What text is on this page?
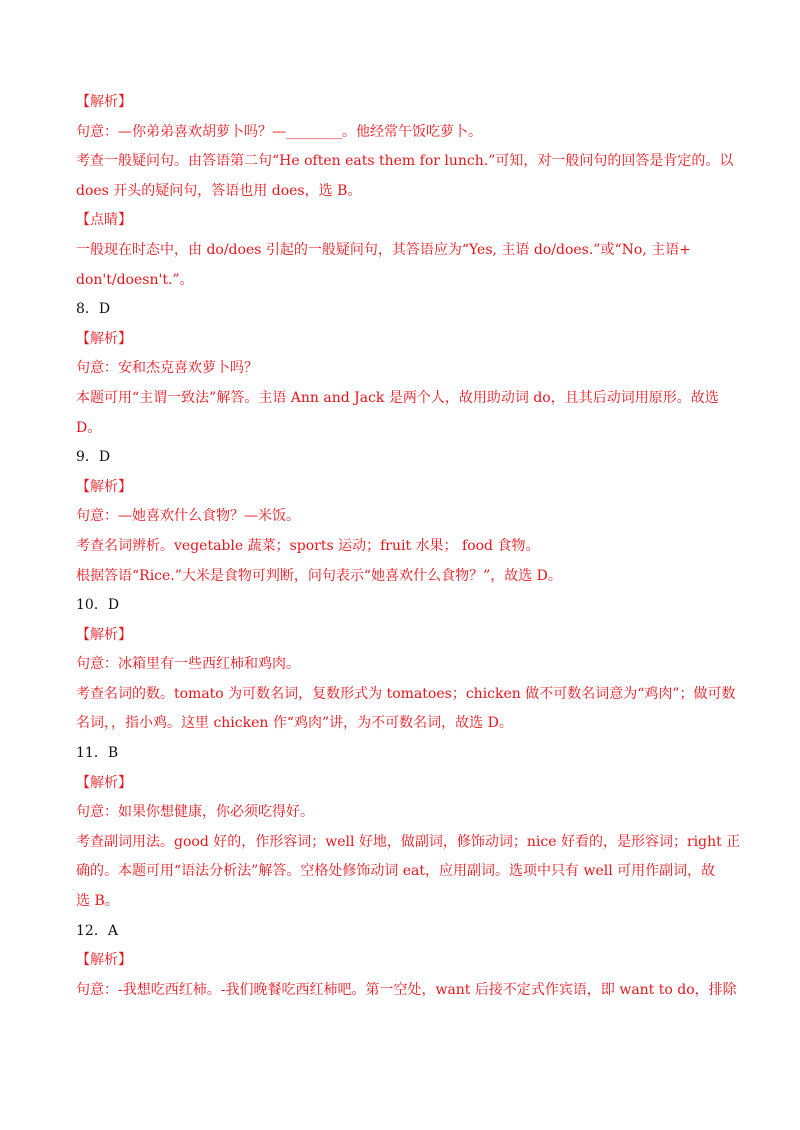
【解析】
句意：—你弟弟喜欢胡萝卜吗？—________。他经常午饭吃萝卜。
考查一般疑问句。由答语第二句“He often eats them for lunch.”可知，对一般问句的回答是肯定的。以
does 开头的疑问句，答语也用 does，选 B。
【点睛】
一般现在时态中，由 do/does 引起的一般疑问句，其答语应为“Yes, 主语 do/does.”或“No, 主语+
don't/doesn't.”。
8．D
【解析】
句意：安和杰克喜欢萝卜吗？
本题可用“主谓一致法”解答。主语 Ann and Jack 是两个人，故用助动词 do，且其后动词用原形。故选
D。
9．D
【解析】
句意：—她喜欢什么食物？—米饭。
考查名词辨析。vegetable 蔬菜；sports 运动；fruit 水果； food 食物。
根据答语“Rice.”大米是食物可判断，问句表示“她喜欢什么食物？”，故选 D。
10．D
【解析】
句意：冰箱里有一些西红柿和鸡肉。
考查名词的数。tomato 为可数名词，复数形式为 tomatoes；chicken 做不可数名词意为“鸡肉”；做可数
名词，，指小鸡。这里 chicken 作“鸡肉”讲，为不可数名词，故选 D。
11．B
【解析】
句意：如果你想健康，你必须吃得好。
考查副词用法。good 好的，作形容词；well 好地，做副词，修饰动词；nice 好看的，是形容词；right 正
确的。本题可用“语法分析法”解答。空格处修饰动词 eat，应用副词。选项中只有 well 可用作副词，故
选 B。
12．A
【解析】
句意：-我想吃西红柿。-我们晚餐吃西红柿吧。第一空处，want 后接不定式作宾语，即 want to do，排除
